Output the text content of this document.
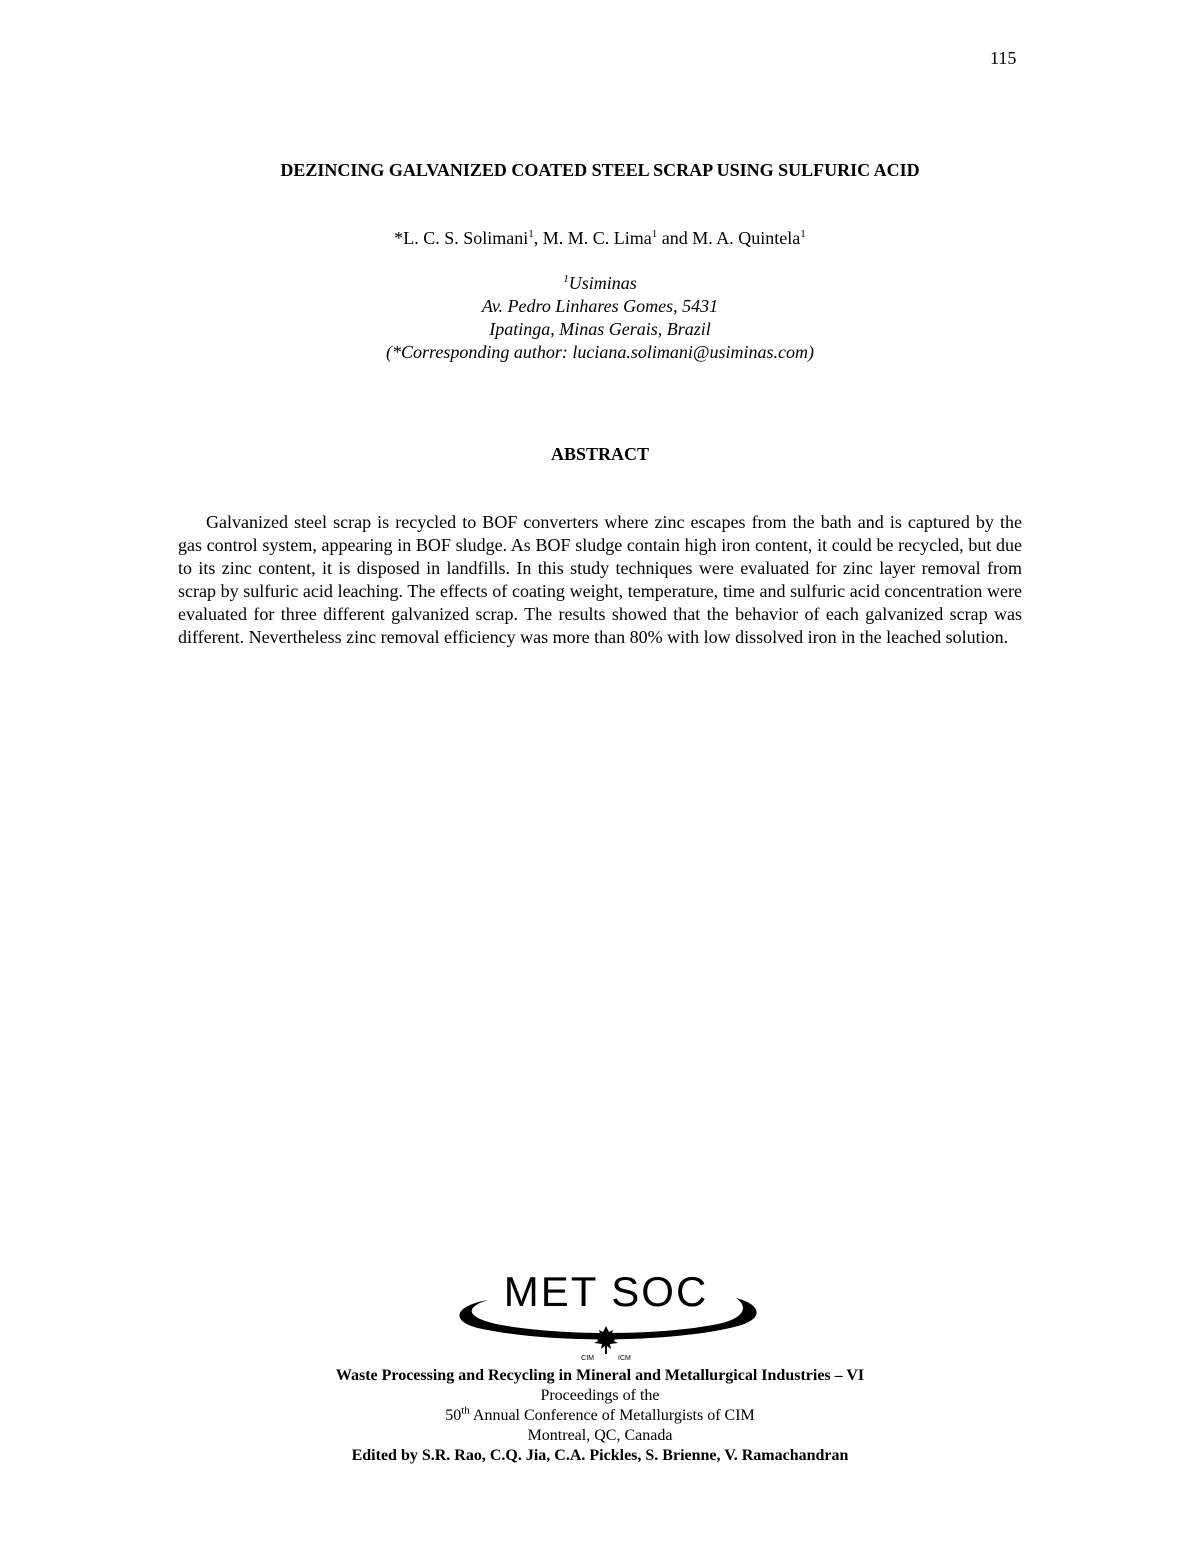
115
DEZINCING GALVANIZED COATED STEEL SCRAP USING SULFURIC ACID
*L. C. S. Solimani$^1$, M. M. C. Lima$^1$ and M. A. Quintela$^1$
$^1$Usiminas
Av. Pedro Linhares Gomes, 5431
Ipatinga, Minas Gerais, Brazil
(*Corresponding author: luciana.solimani@usiminas.com)
ABSTRACT

Galvanized steel scrap is recycled to BOF converters where zinc escapes from the bath and is captured by the gas control system, appearing in BOF sludge. As BOF sludge contain high iron content, it could be recycled, but due to its zinc content, it is disposed in landfills. In this study techniques were evaluated for zinc layer removal from scrap by sulfuric acid leaching. The effects of coating weight, temperature, time and sulfuric acid concentration were evaluated for three different galvanized scrap. The results showed that the behavior of each galvanized scrap was different. Nevertheless zinc removal efficiency was more than 80% with low dissolved iron in the leached solution.

MET SOC
CIM	ICM
Waste Processing and Recycling in Mineral and Metallurgical Industries – VI
Proceedings of the
50th Annual Conference of Metallurgists of CIM
Montreal, QC, Canada
Edited by S.R. Rao, C.Q. Jia, C.A. Pickles, S. Brienne, V. Ramachandran
